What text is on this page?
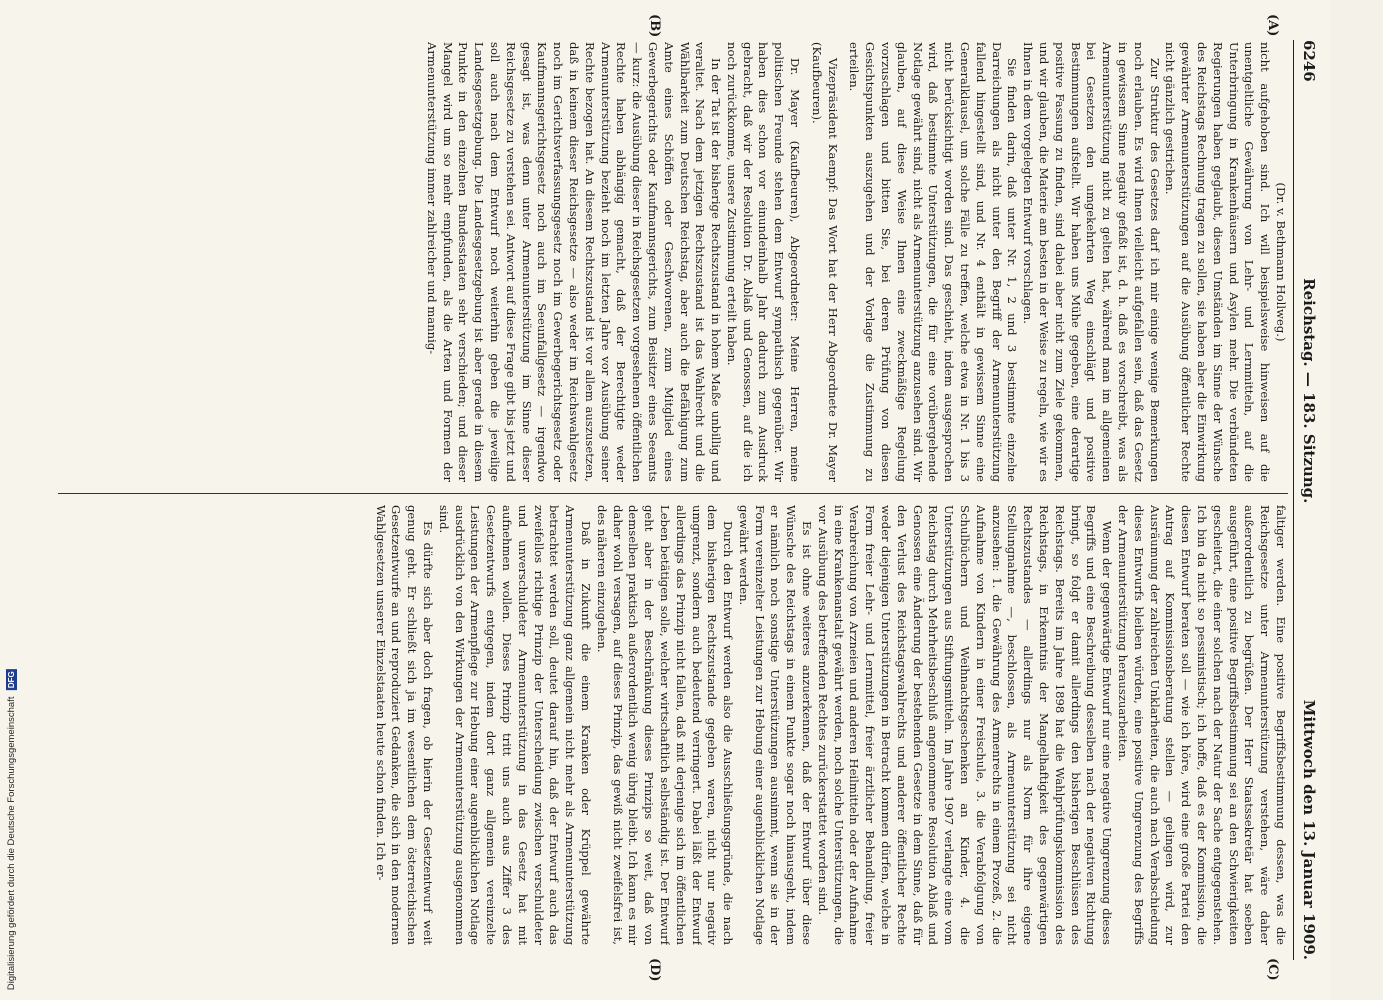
6246
Reichstag. — 183. Sitzung.
Mittwoch den 13. Januar 1909.
(A)
(B)
(C)
(D)

(Dr. v. Bethmann Hollweg.)

nicht aufgehoben sind. Ich will beispielsweise hinweisen auf die unentgeltliche Gewährung von Lehr- und Lernmitteln, auf die Unterbringung in Krankenhäusern und Asylen mehr. Die verbündeten Regierungen haben geglaubt, diesen Umständen im Sinne der Wünsche des Reichstags Rechnung tragen zu sollen, sie haben aber die Einwirkung gewährter Armenunterstützungen auf die Ausübung öffentlicher Rechte nicht gänzlich gestrichen.

Zur Struktur des Gesetzes darf ich mir einige wenige Bemerkungen noch erlauben. Es wird Ihnen vielleicht aufgefallen sein, daß das Gesetz in gewissem Sinne negativ gefaßt ist, d. h. daß es vorschreibt, was als Armenunterstützung nicht zu gelten hat, während man im allgemeinen bei Gesetzen den umgekehrten Weg einschlägt und positive Bestimmungen aufstellt. Wir haben uns Mühe gegeben, eine derartige positive Fassung zu finden, sind dabei aber nicht zum Ziele gekommen, und wir glauben, die Materie am besten in der Weise zu regeln, wie wir es Ihnen in dem vorgelegten Entwurf vorschlagen.

Sie finden darin, daß unter Nr. 1, 2 und 3 bestimmte einzelne Darreichungen als nicht unter den Begriff der Armenunterstützung fallend hingestellt sind, und Nr. 4 enthält in gewissem Sinne eine Generalklausel, um solche Fälle zu treffen, welche etwa in Nr. 1 bis 3 nicht berücksichtigt worden sind. Das geschieht, indem ausgesprochen wird, daß bestimmte Unterstützungen, die für eine vorübergehende Notlage gewährt sind, nicht als Armenunterstützung anzusehen sind. Wir glauben, auf diese Weise Ihnen eine zweckmäßige Regelung vorzuschlagen und bitten Sie, bei deren Prüfung von diesen Gesichtspunkten auszugehen und der Vorlage die Zustimmung zu erteilen.

Vizepräsident Kaempf: Das Wort hat der Herr Abgeordnete Dr. Mayer (Kaufbeuren).

Dr. Mayer (Kaufbeuren), Abgeordneter: Meine Herren, meine politischen Freunde stehen dem Entwurf sympathisch gegenüber. Wir haben dies schon vor einundeinhalb Jahr dadurch zum Ausdruck gebracht, daß wir der Resolution Dr. Ablaß und Genossen, auf die ich noch zurückkomme, unsere Zustimmung erteilt haben.

In der Tat ist der bisherige Rechtszustand in hohem Maße unbillig und veraltet. Nach dem jetzigen Rechtszustand ist das Wahlrecht und die Wählbarkeit zum Deutschen Reichstag, aber auch die Befähigung zum Amte eines Schöffen oder Geschworenen, zum Mitglied eines Gewerbegerichts oder Kaufmannsgerichts, zum Beisitzer eines Seeamts — kurz: die Ausübung dieser in Reichsgesetzen vorgesehenen öffentlichen Rechte haben abhängig gemacht, daß der Berechtigte weder Armenunterstützung bezieht noch im letzten Jahre vor Ausübung seiner Rechte bezogen hat. An diesem Rechtszustand ist vor allem auszusetzen, daß in keinem dieser Reichsgesetze — also weder im Reichswahlgesetz noch im Gerichtsverfassungsgesetz noch im Gewerbegerichtsgesetz oder Kaufmannsgerichtsgesetz noch auch im Seeunfallgesetz — irgendwo gesagt ist, was denn unter Armenunterstützung im Sinne dieser Reichsgesetze zu verstehen sei. Antwort auf diese Frage gibt bis jetzt und soll auch nach dem Entwurf noch weiterhin geben die jeweilige Landesgesetzgebung. Die Landesgesetzgebung ist aber gerade in diesem Punkte in den einzelnen Bundesstaaten sehr verschieden; und dieser Mangel wird um so mehr empfunden, als die Arten und Formen der Armenunterstützung immer zahlreicher und mannig-

faltiger werden. Eine positive Begriffsbestimmung dessen, was die Reichsgesetze unter Armenunterstützung verstehen, wäre daher außerordentlich zu begrüßen. Der Herr Staatssekretär hat soeben ausgeführt, eine positive Begriffsbestimmung sei an den Schwierigkeiten gescheitert, die einer solchen nach der Natur der Sache entgegenstehen. Ich bin da nicht so pessimistisch; ich hoffe, daß es der Kommission, die diesen Entwurf beraten soll — wie ich höre, wird eine große Partei den Antrag auf Kommissionsberatung stellen — gelingen wird, zur Ausräumung der zahlreichen Unklarheiten, die auch nach Verabschiedung dieses Entwurfs bleiben würden, eine positive Umgrenzung des Begriffs der Armenunterstützung herauszuarbeiten.

Wenn der gegenwärtige Entwurf nur eine negative Umgrenzung dieses Begriffs und eine Beschreibung desselben nach der negativen Richtung bringt, so folgt er damit allerdings den bisherigen Beschlüssen des Reichstags. Bereits im Jahre 1898 hat die Wahlprüfungskommission des Reichstags, in Erkenntnis der Mangelhaftigkeit des gegenwärtigen Rechtszustandes — allerdings nur als Norm für ihre eigene Stellungnahme —, beschlossen, als Armenunterstützung sei nicht anzusehen: 1. die Gewährung des Armenrechts in einem Prozeß, 2. die Aufnahme von Kindern in einer Freischule, 3. die Verabfolgung von Schulbüchern und Weihnachtsgeschenken an Kinder, 4. die Unterstützungen aus Stiftungsmitteln. Im Jahre 1907 verlangte eine vom Reichstag durch Mehrheitsbeschluß angenommene Resolution Ablaß und Genossen eine Änderung der bestehenden Gesetze in dem Sinne, daß für den Verlust des Reichstagswahlrechts und anderer öffentlicher Rechte weder diejenigen Unterstützungen in Betracht kommen dürfen, welche in Form freier Lehr- und Lernmittel, freier ärztlicher Behandlung, freier Verabreichung von Arzneien und anderen Heilmitteln oder der Aufnahme in eine Krankenanstalt gewährt werden, noch solche Unterstützungen, die vor Ausübung des betreffenden Rechtes zurückerstattet worden sind.

Es ist ohne weiteres anzuerkennen, daß der Entwurf über diese Wünsche des Reichstags in einem Punkte sogar noch hinausgeht, indem er nämlich noch sonstige Unterstützungen ausnimmt, wenn sie in der Form vereinzelter Leistungen zur Hebung einer augenblicklichen Notlage gewährt werden.

Durch den Entwurf werden also die Ausschließungsgründe, die nach dem bisherigen Rechtszustande gegeben waren, nicht nur negativ umgrenzt, sondern auch bedeutend verringert. Dabei läßt der Entwurf allerdings das Prinzip nicht fallen, daß mit derjenige sich im öffentlichen Leben betätigen solle, welcher wirtschaftlich selbständig ist. Der Entwurf geht aber in der Beschränkung dieses Prinzips so weit, daß von demselben praktisch außerordentlich wenig übrig bleibt. Ich kann es mir daher wohl versagen, auf dieses Prinzip, das gewiß nicht zweifelsfrei ist, des näheren einzugehen.

Daß in Zukunft die einem Kranken oder Krüppel gewährte Armenunterstützung ganz allgemein nicht mehr als Armenunterstützung betrachtet werden soll, deutet darauf hin, daß der Entwurf auch das zweifellos richtige Prinzip der Unterscheidung zwischen verschuldeter und unverschuldeter Armenunterstützung in das Gesetz hat mit aufnehmen wollen. Dieses Prinzip tritt uns auch aus Ziffer 3 des Gesetzentwurfs entgegen, indem dort ganz allgemein vereinzelte Leistungen der Armenpflege zur Hebung einer augenblicklichen Notlage ausdrücklich von den Wirkungen der Armenunterstützung ausgenommen sind.

Es dürfte sich aber doch fragen, ob hierin der Gesetzentwurf weit genug geht. Er schließt sich ja im wesentlichen dem österreichischen Gesetzentwurfe an und reproduziert Gedanken, die sich in den modernen Wahlgesetzen unserer Einzelstaaten heute schon finden. Ich er-

Digitalisierung gefördert durch die Deutsche Forschungsgemeinschaft DFG
